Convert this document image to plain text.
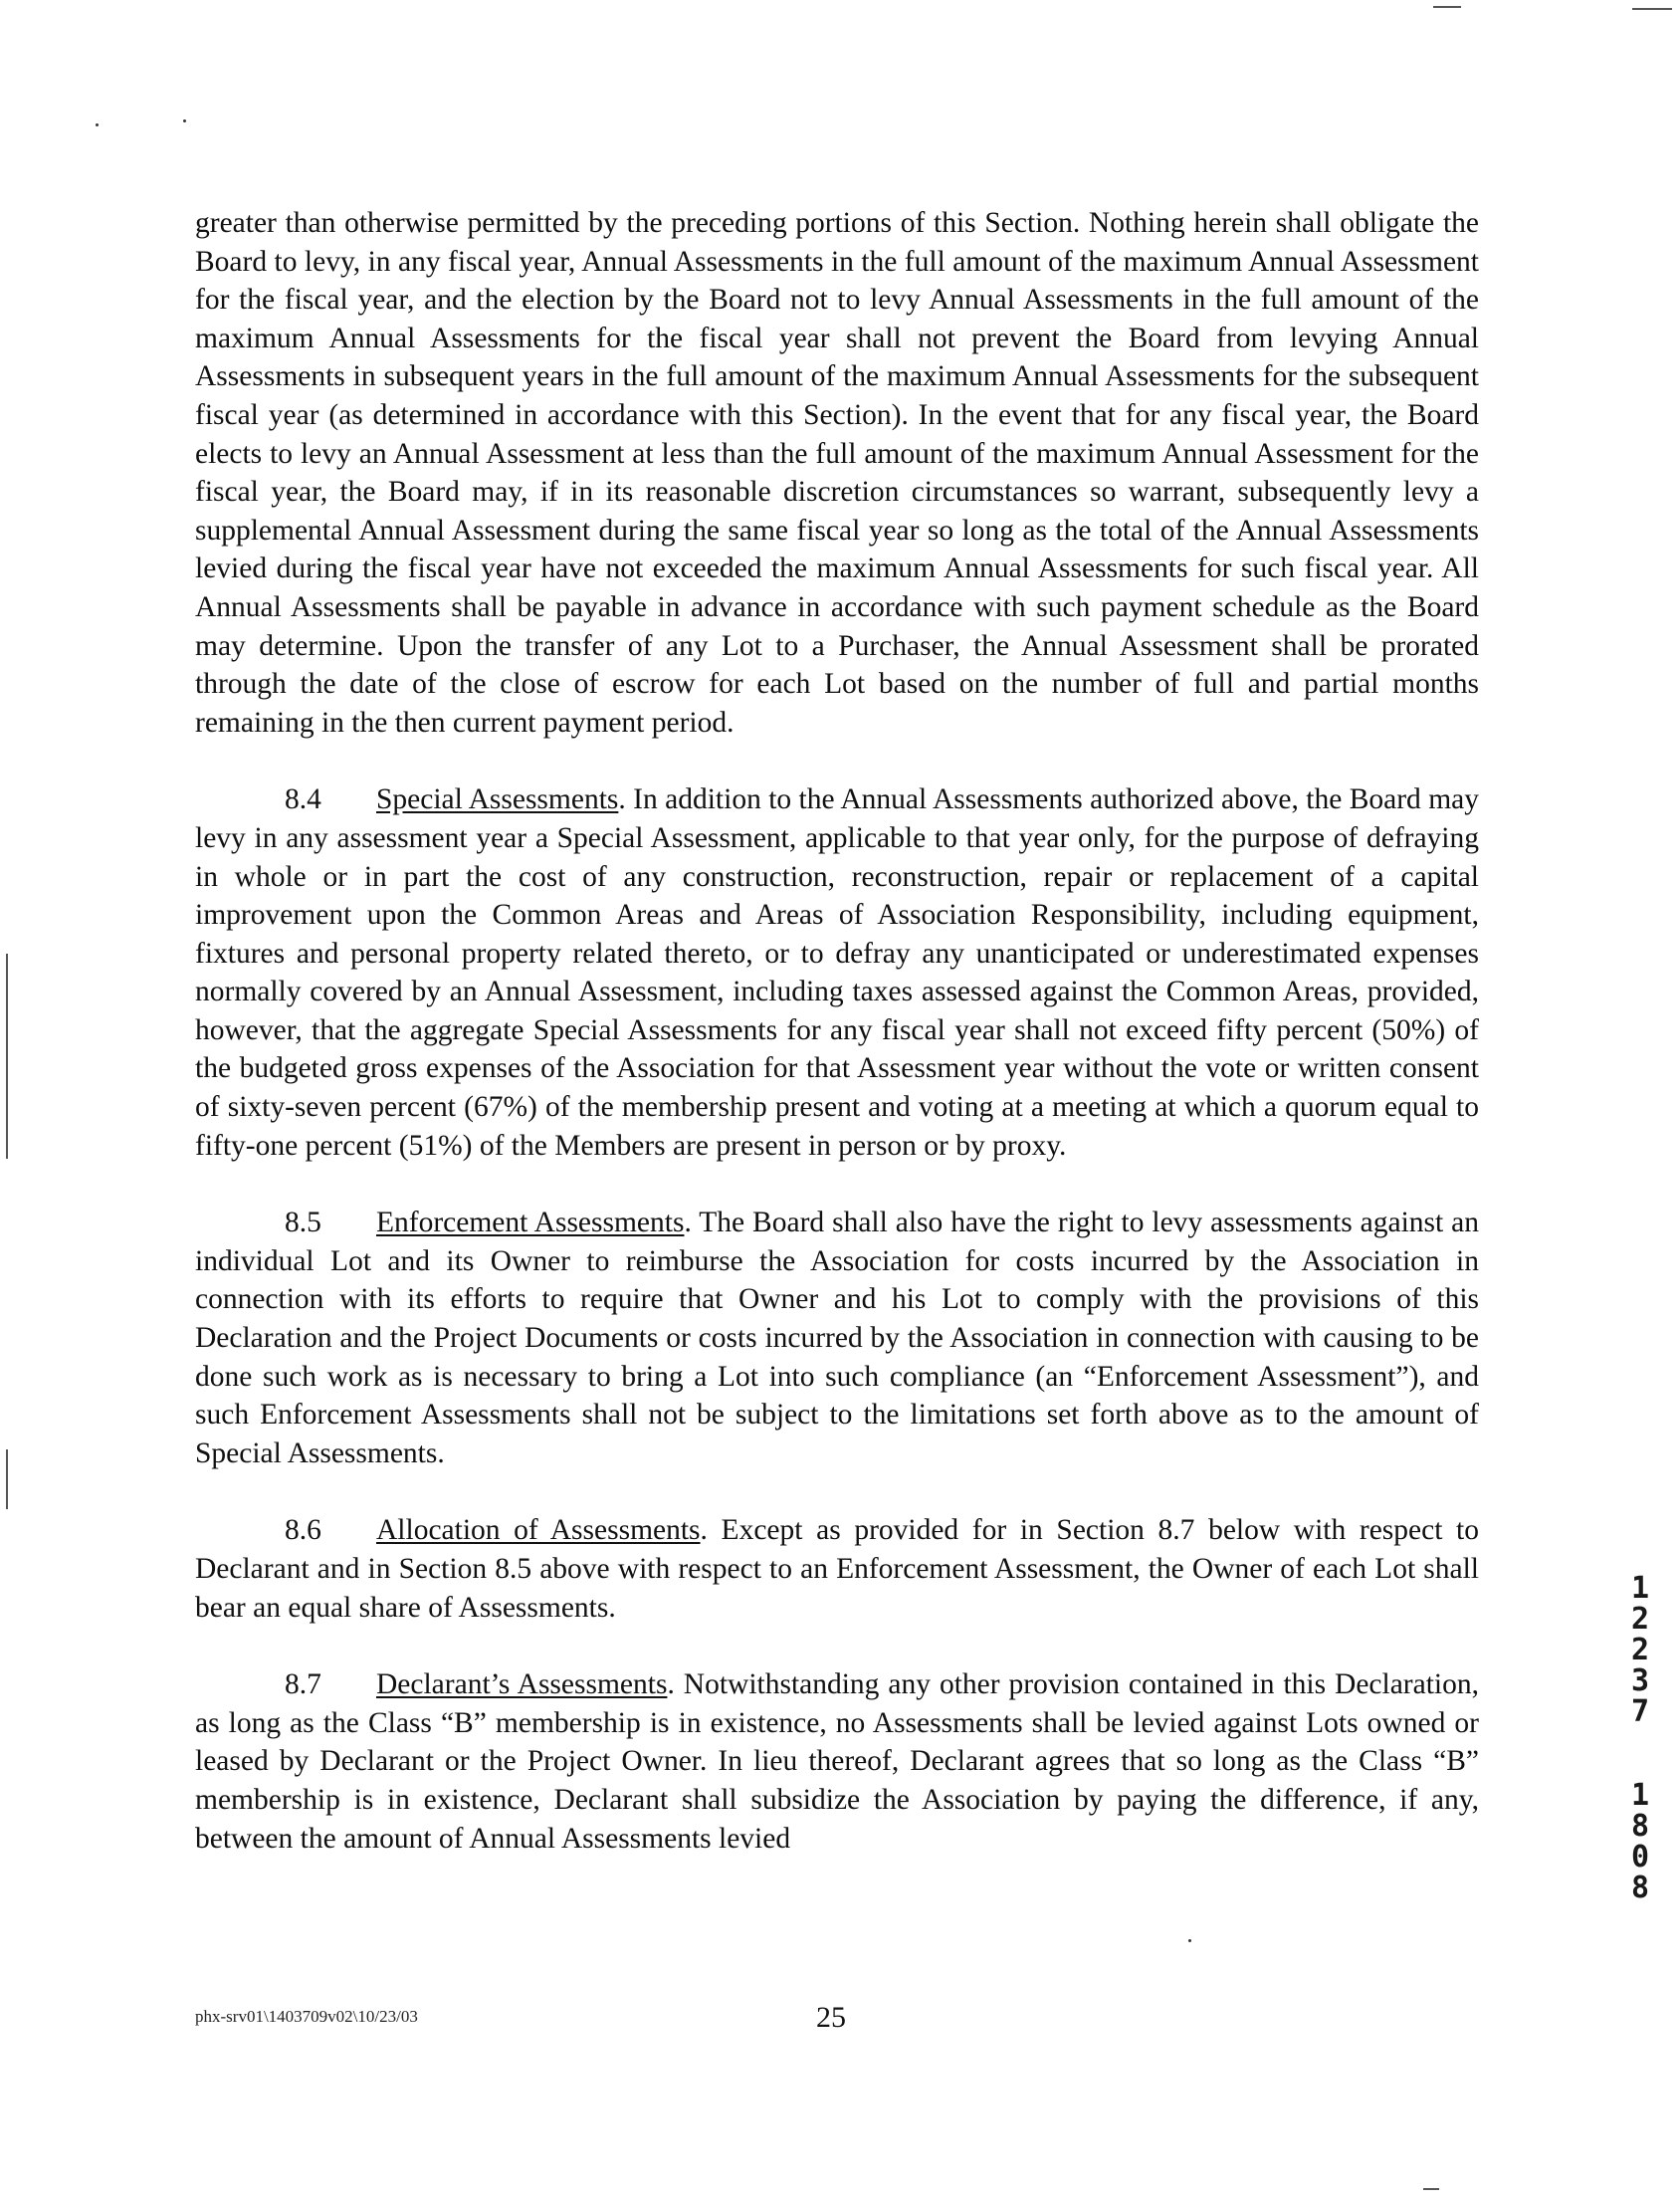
greater than otherwise permitted by the preceding portions of this Section. Nothing herein shall obligate the Board to levy, in any fiscal year, Annual Assessments in the full amount of the maximum Annual Assessment for the fiscal year, and the election by the Board not to levy Annual Assessments in the full amount of the maximum Annual Assessments for the fiscal year shall not prevent the Board from levying Annual Assessments in subsequent years in the full amount of the maximum Annual Assessments for the subsequent fiscal year (as determined in accordance with this Section). In the event that for any fiscal year, the Board elects to levy an Annual Assessment at less than the full amount of the maximum Annual Assessment for the fiscal year, the Board may, if in its reasonable discretion circumstances so warrant, subsequently levy a supplemental Annual Assessment during the same fiscal year so long as the total of the Annual Assessments levied during the fiscal year have not exceeded the maximum Annual Assessments for such fiscal year. All Annual Assessments shall be payable in advance in accordance with such payment schedule as the Board may determine. Upon the transfer of any Lot to a Purchaser, the Annual Assessment shall be prorated through the date of the close of escrow for each Lot based on the number of full and partial months remaining in the then current payment period.

8.4 Special Assessments. In addition to the Annual Assessments authorized above, the Board may levy in any assessment year a Special Assessment, applicable to that year only, for the purpose of defraying in whole or in part the cost of any construction, reconstruction, repair or replacement of a capital improvement upon the Common Areas and Areas of Association Responsibility, including equipment, fixtures and personal property related thereto, or to defray any unanticipated or underestimated expenses normally covered by an Annual Assessment, including taxes assessed against the Common Areas, provided, however, that the aggregate Special Assessments for any fiscal year shall not exceed fifty percent (50%) of the budgeted gross expenses of the Association for that Assessment year without the vote or written consent of sixty-seven percent (67%) of the membership present and voting at a meeting at which a quorum equal to fifty-one percent (51%) of the Members are present in person or by proxy.

8.5 Enforcement Assessments. The Board shall also have the right to levy assessments against an individual Lot and its Owner to reimburse the Association for costs incurred by the Association in connection with its efforts to require that Owner and his Lot to comply with the provisions of this Declaration and the Project Documents or costs incurred by the Association in connection with causing to be done such work as is necessary to bring a Lot into such compliance (an “Enforcement Assessment”), and such Enforcement Assessments shall not be subject to the limitations set forth above as to the amount of Special Assessments.

8.6 Allocation of Assessments. Except as provided for in Section 8.7 below with respect to Declarant and in Section 8.5 above with respect to an Enforcement Assessment, the Owner of each Lot shall bear an equal share of Assessments.

8.7 Declarant’s Assessments. Notwithstanding any other provision contained in this Declaration, as long as the Class “B” membership is in existence, no Assessments shall be levied against Lots owned or leased by Declarant or the Project Owner. In lieu thereof, Declarant agrees that so long as the Class “B” membership is in existence, Declarant shall subsidize the Association by paying the difference, if any, between the amount of Annual Assessments levied

1
2
2
3
7
1
8
0
8
phx-srv01\1403709v02\10/23/03	25
